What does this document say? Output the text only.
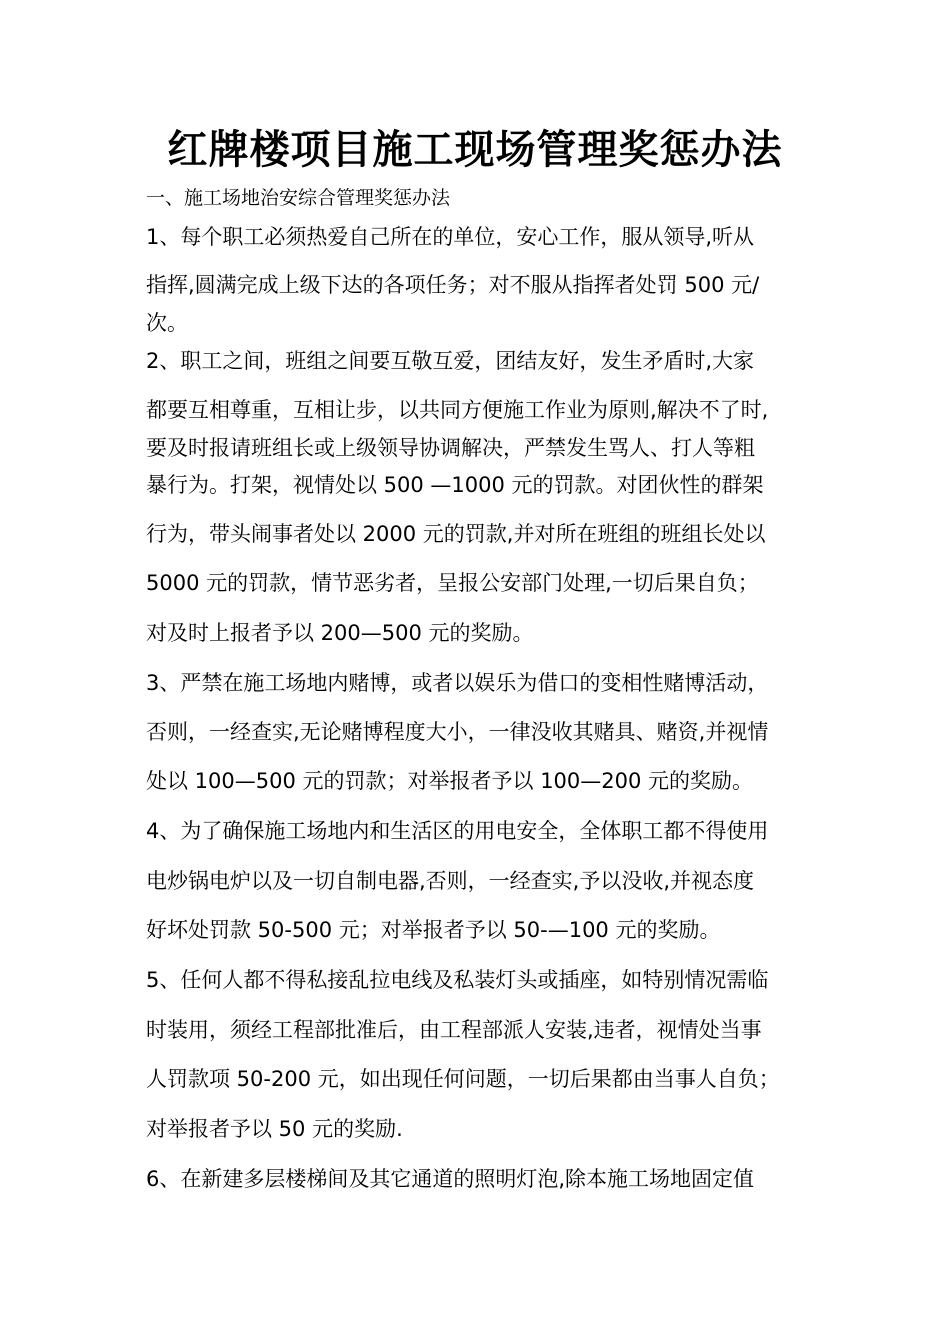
红牌楼项目施工现场管理奖惩办法
一、施工场地治安综合管理奖惩办法
1、每个职工必须热爱自己所在的单位，安心工作，服从领导,听从
指挥,圆满完成上级下达的各项任务；对不服从指挥者处罚 500 元/
次。
2、职工之间，班组之间要互敬互爱，团结友好，发生矛盾时,大家
都要互相尊重，互相让步，以共同方便施工作业为原则,解决不了时,
要及时报请班组长或上级领导协调解决，严禁发生骂人、打人等粗
暴行为。打架，视情处以 500 —1000 元的罚款。对团伙性的群架
行为，带头闹事者处以 2000 元的罚款,并对所在班组的班组长处以
5000 元的罚款，情节恶劣者，呈报公安部门处理,一切后果自负；
对及时上报者予以 200—500 元的奖励。
3、严禁在施工场地内赌博，或者以娱乐为借口的变相性赌博活动，
否则，一经查实,无论赌博程度大小，一律没收其赌具、赌资,并视情
处以 100—500 元的罚款；对举报者予以 100—200 元的奖励。
4、为了确保施工场地内和生活区的用电安全，全体职工都不得使用
电炒锅电炉以及一切自制电器,否则，一经查实,予以没收,并视态度
好坏处罚款 50-500 元；对举报者予以 50-—100 元的奖励。
5、任何人都不得私接乱拉电线及私装灯头或插座，如特别情况需临
时装用，须经工程部批准后，由工程部派人安装,违者，视情处当事
人罚款项 50-200 元，如出现任何问题，一切后果都由当事人自负；
对举报者予以 50 元的奖励.
6、在新建多层楼梯间及其它通道的照明灯泡,除本施工场地固定值
